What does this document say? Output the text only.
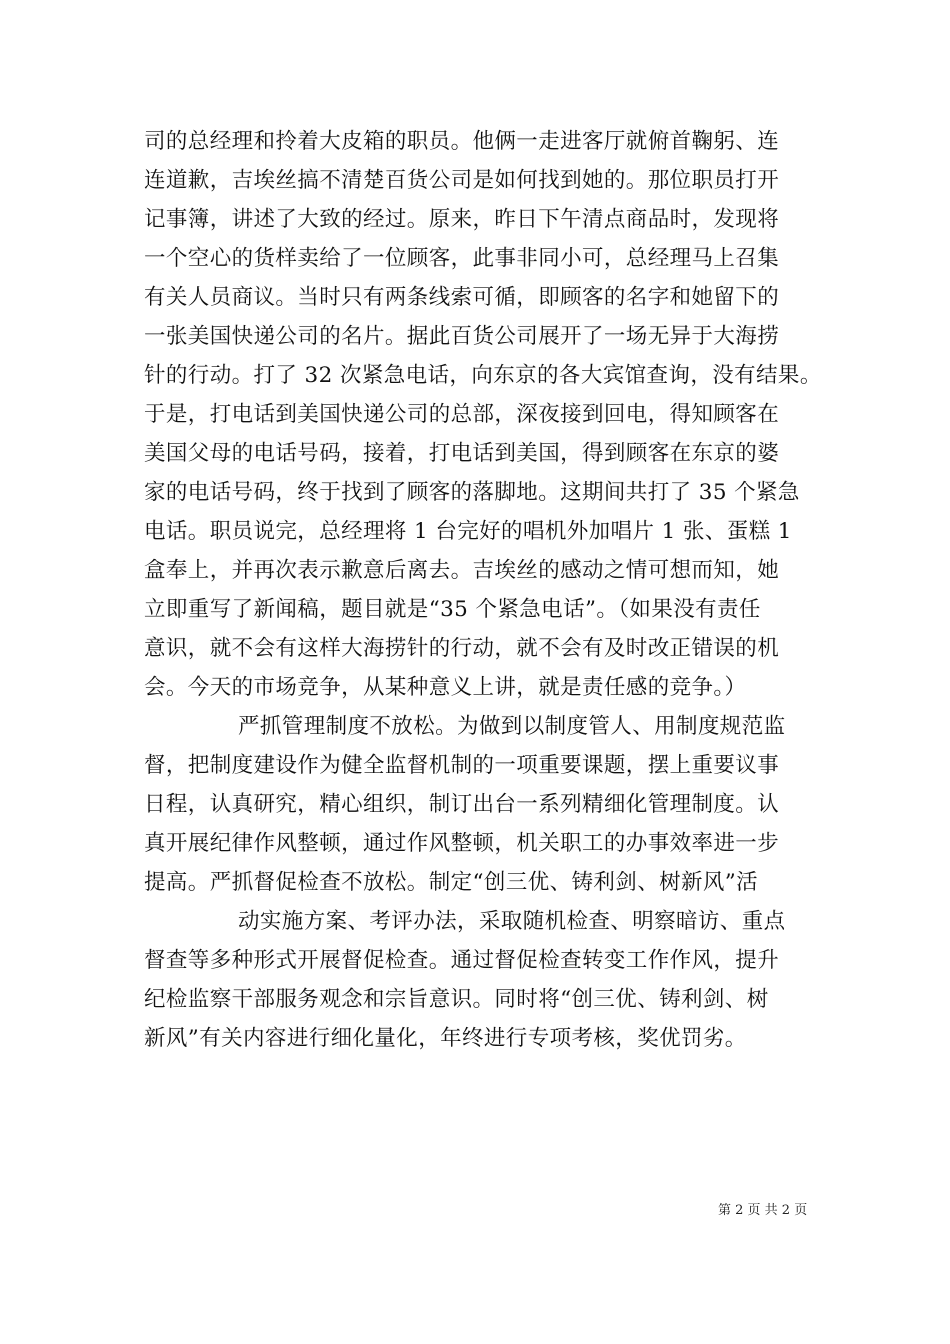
司的总经理和拎着大皮箱的职员。他俩一走进客厅就俯首鞠躬、连
连道歉，吉埃丝搞不清楚百货公司是如何找到她的。那位职员打开
记事簿，讲述了大致的经过。原来，昨日下午清点商品时，发现将
一个空心的货样卖给了一位顾客，此事非同小可，总经理马上召集
有关人员商议。当时只有两条线索可循，即顾客的名字和她留下的
一张美国快递公司的名片。据此百货公司展开了一场无异于大海捞
针的行动。打了 32 次紧急电话，向东京的各大宾馆查询，没有结果。
于是，打电话到美国快递公司的总部，深夜接到回电，得知顾客在
美国父母的电话号码，接着，打电话到美国，得到顾客在东京的婆
家的电话号码，终于找到了顾客的落脚地。这期间共打了 35 个紧急
电话。职员说完，总经理将 1 台完好的唱机外加唱片 1 张、蛋糕 1
盒奉上，并再次表示歉意后离去。吉埃丝的感动之情可想而知，她
立即重写了新闻稿，题目就是“35 个紧急电话”。（如果没有责任
意识，就不会有这样大海捞针的行动，就不会有及时改正错误的机
会。今天的市场竞争，从某种意义上讲，就是责任感的竞争。）
严抓管理制度不放松。为做到以制度管人、用制度规范监
督，把制度建设作为健全监督机制的一项重要课题，摆上重要议事
日程，认真研究，精心组织，制订出台一系列精细化管理制度。认
真开展纪律作风整顿，通过作风整顿，机关职工的办事效率进一步
提高。严抓督促检查不放松。制定“创三优、铸利剑、树新风”活
动实施方案、考评办法，采取随机检查、明察暗访、重点
督查等多种形式开展督促检查。通过督促检查转变工作作风，提升
纪检监察干部服务观念和宗旨意识。同时将“创三优、铸利剑、树
新风”有关内容进行细化量化，年终进行专项考核，奖优罚劣。
第 2 页 共 2 页
